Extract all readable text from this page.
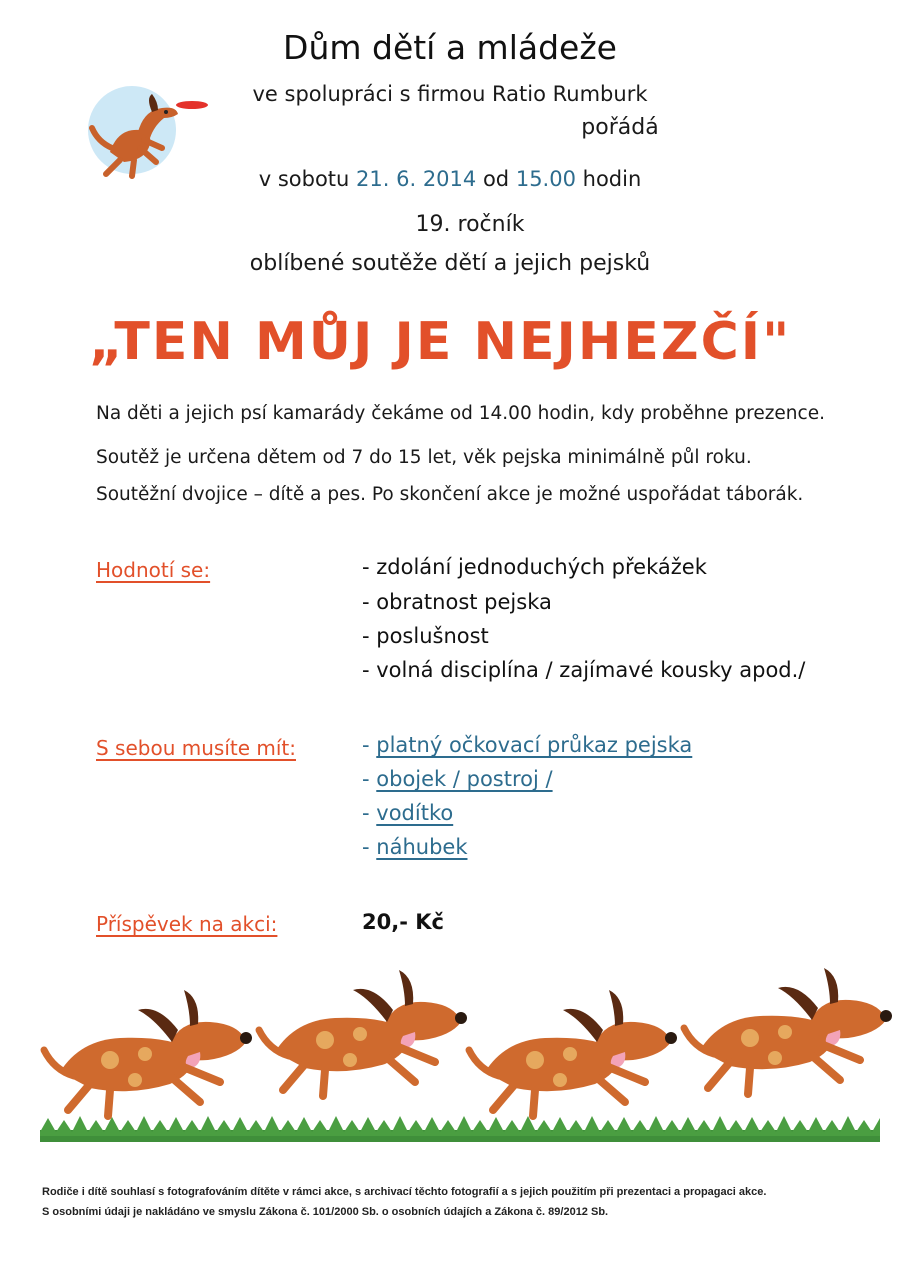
Dům dětí a mládeže
ve spolupráci s firmou Ratio Rumburk
pořádá
v sobotu 21. 6. 2014 od 15.00 hodin
19. ročník
oblíbené soutěže dětí a jejich pejsků
„TEN MŮJ JE NEJHEZČÍ"
Na děti a jejich psí kamarády čekáme od 14.00 hodin, kdy proběhne prezence.
Soutěž je určena dětem od 7 do 15 let, věk pejska minimálně půl roku.
Soutěžní dvojice – dítě a pes. Po skončení akce je možné uspořádat táborák.
Hodnotí se:	- zdolání jednoduchých překážek
- obratnost pejska
- poslušnost
- volná disciplína / zajímavé kousky apod./
S sebou musíte mít:	- platný očkovací průkaz pejska
- obojek / postroj /
- vodítko
- náhubek
Příspěvek na akci:	20,- Kč
Rodiče i dítě souhlasí s fotografováním dítěte v rámci akce, s archivací těchto fotografií a s jejich použitím při prezentaci a propagaci akce.
S osobními údaji je nakládáno ve smyslu Zákona č. 101/2000 Sb. o osobních údajích a Zákona č. 89/2012 Sb.
